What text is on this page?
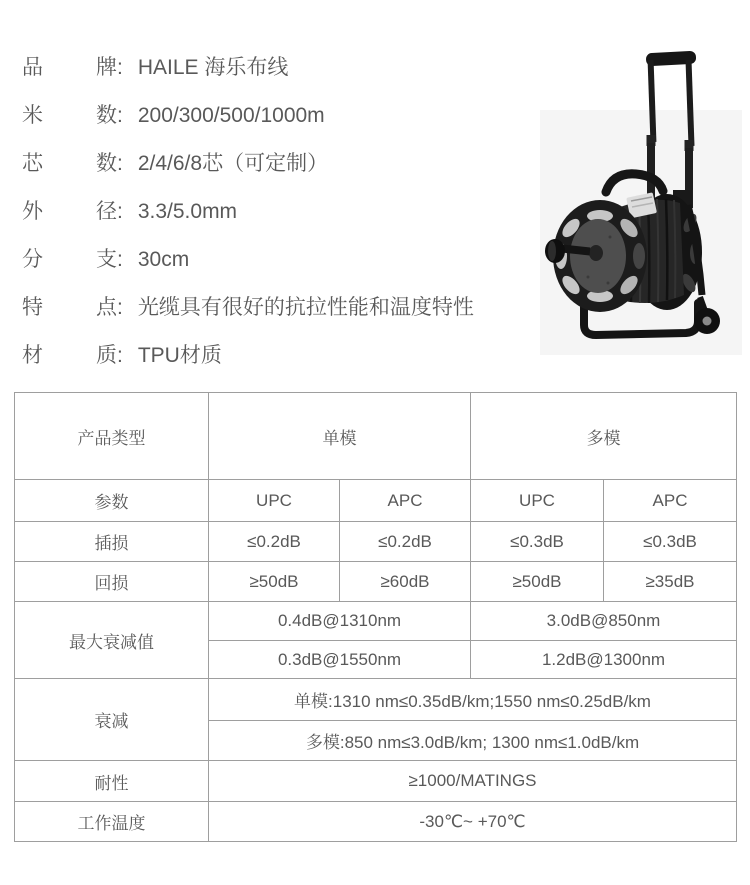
品	牌 : HAILE 海乐布线
米	数 : 200/300/500/1000m
芯	数 : 2/4/6/8芯（可定制）
外	径 : 3.3/5.0mm
分	支 : 30cm
特	点 : 光缆具有很好的抗拉性能和温度特性
材	质 : TPU材质
产品类型	单模		多模	
参数	UPC	APC	UPC	APC
插损	≤0.2dB	≤0.2dB	≤0.3dB	≤0.3dB
回损	≥50dB	≥60dB	≥50dB	≥35dB
最大衰减值	0.4dB@1310nm		3.0dB@850nm	
	0.3dB@1550nm		1.2dB@1300nm	
衰减	单模:1310 nm≤0.35dB/km;1550 nm≤0.25dB/km			
	多模:850 nm≤3.0dB/km; 1300 nm≤1.0dB/km			
耐性	≥1000/MATINGS			
工作温度	-30℃~ +70℃			
